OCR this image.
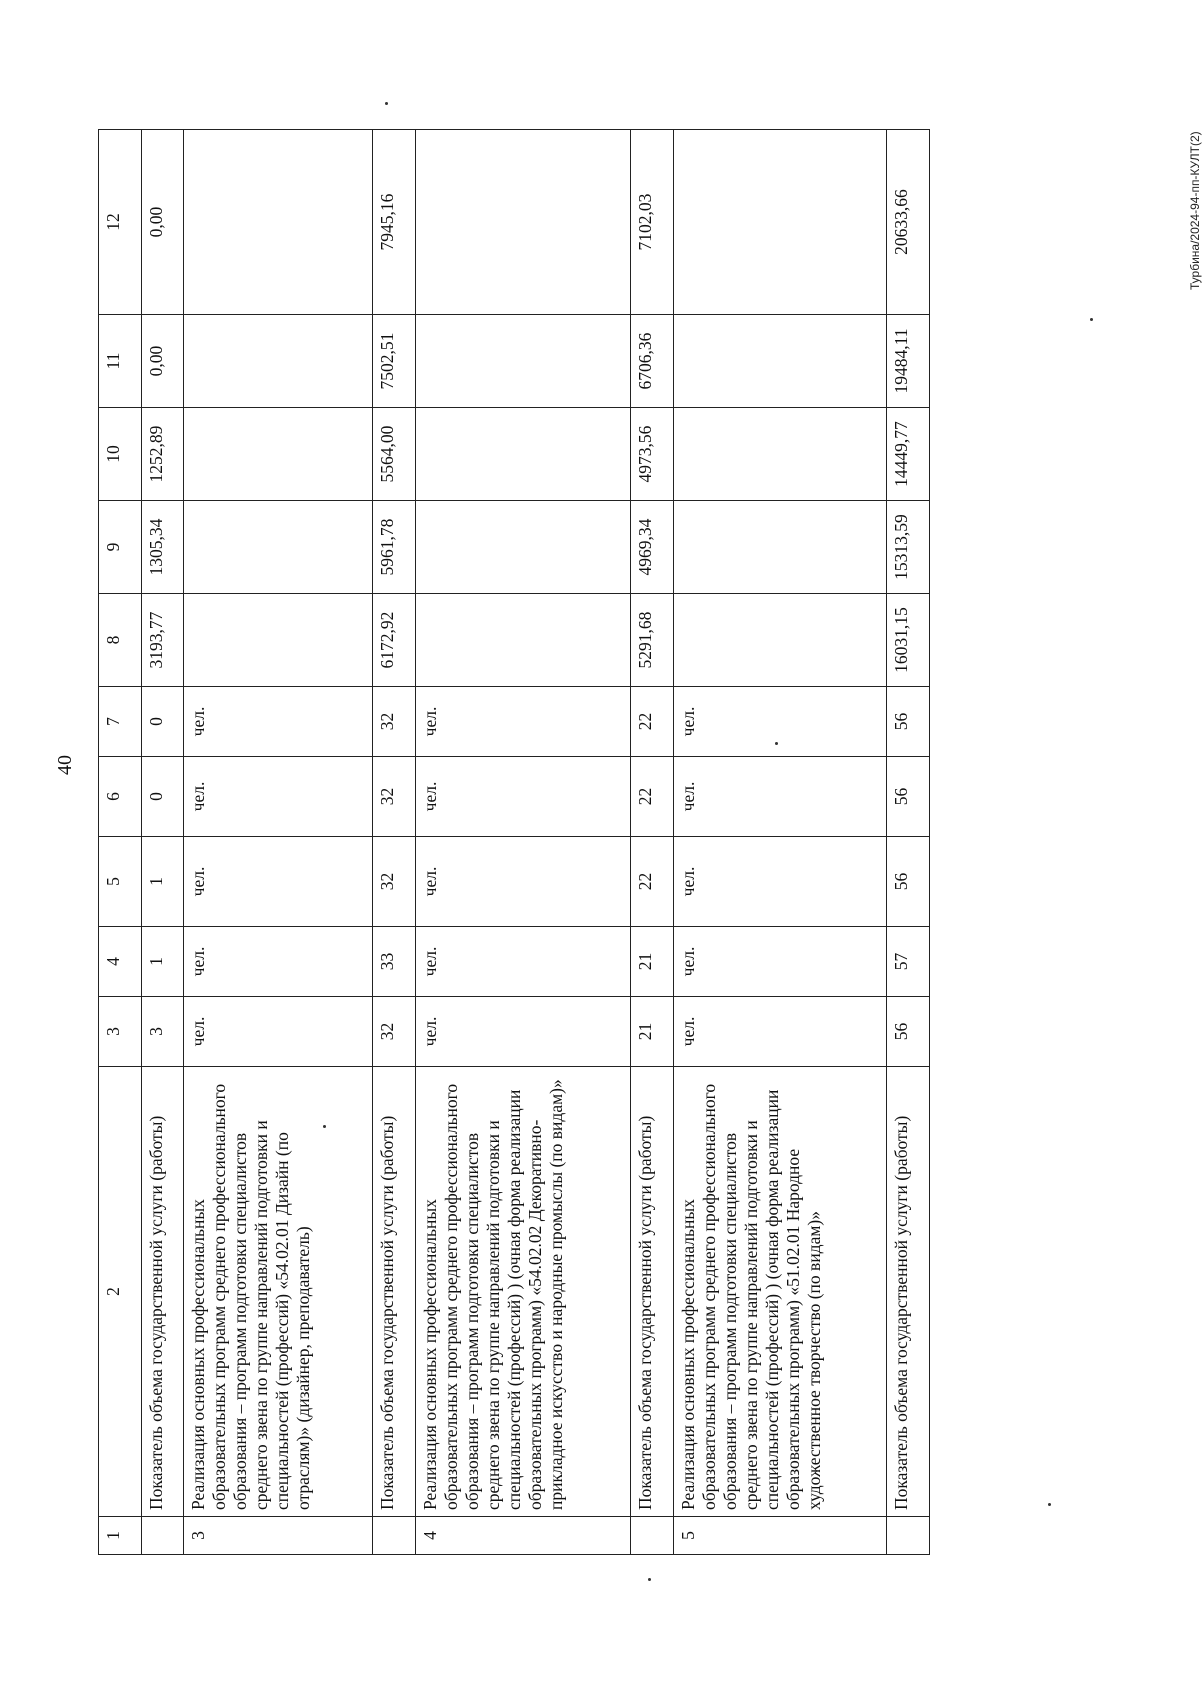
40
1	2	3	4	5	6	7	8	9	10	11	12
	Показатель объема государственной услуги (работы)	3	1	1	0	0	3193,77	1305,34	1252,89	0,00	0,00
3	Реализация основных профессиональных образовательных программ среднего профессионального образования – программ подготовки специалистов среднего звена по группе направлений подготовки и специальностей (профессий) «54.02.01 Дизайн (по отраслям)» (дизайнер, преподаватель)	чел.	чел.	чел.	чел.	чел.					
	Показатель объема государственной услуги (работы)	32	33	32	32	32	6172,92	5961,78	5564,00	7502,51	7945,16
4	Реализация основных профессиональных образовательных программ среднего профессионального образования – программ подготовки специалистов среднего звена по группе направлений подготовки и специальностей (профессий) ) (очная форма реализации образовательных программ) «54.02.02 Декоративно-прикладное искусство и народные промыслы (по видам)»	чел.	чел.	чел.	чел.	чел.					
	Показатель объема государственной услуги (работы)	21	21	22	22	22	5291,68	4969,34	4973,56	6706,36	7102,03
5	Реализация основных профессиональных образовательных программ среднего профессионального образования – программ подготовки специалистов среднего звена по группе направлений подготовки и специальностей (профессий) ) (очная форма реализации образовательных программ) «51.02.01 Народное художественное творчество (по видам)»	чел.	чел.	чел.	чел.	чел.					
	Показатель объема государственной услуги (работы)	56	57	56	56	56	16031,15	15313,59	14449,77	19484,11	20633,66	Турбина/2024-94-пп-КУЛТ(2)
